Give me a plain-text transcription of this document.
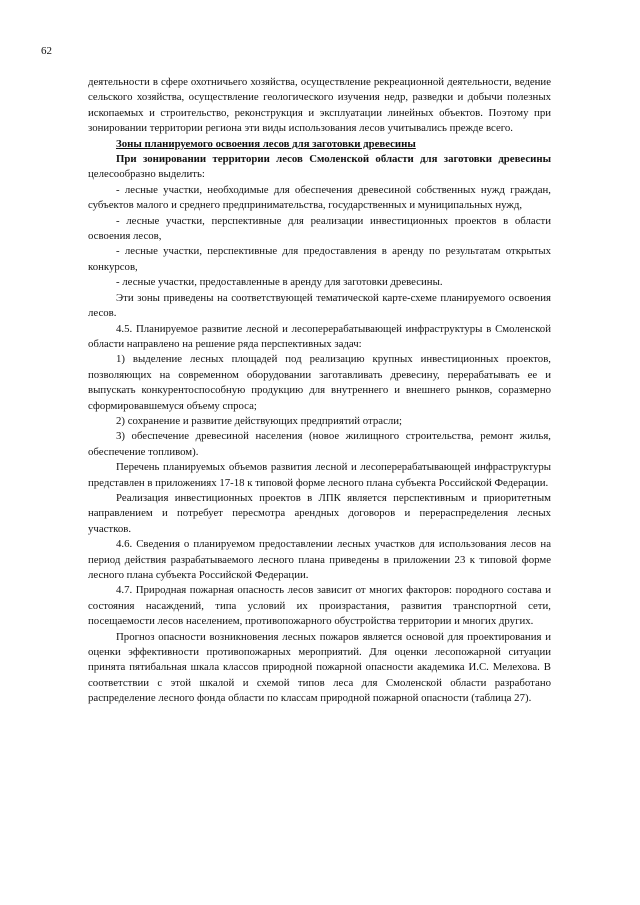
62

деятельности в сфере охотничьего хозяйства, осуществление рекреационной деятельности, ведение сельского хозяйства, осуществление геологического изучения недр, разведки и добычи полезных ископаемых и строительство, реконструкция и эксплуатации линейных объектов. Поэтому при зонировании территории региона эти виды использования лесов учитывались прежде всего.

Зоны планируемого освоения лесов для заготовки древесины

При зонировании территории лесов Смоленской области для заготовки древесины целесообразно выделить:

- лесные участки, необходимые для обеспечения древесиной собственных нужд граждан, субъектов малого и среднего предпринимательства, государственных и муниципальных нужд,

- лесные участки, перспективные для реализации инвестиционных проектов в области освоения лесов,

- лесные участки, перспективные для предоставления в аренду по результатам открытых конкурсов,

- лесные участки, предоставленные в аренду для заготовки древесины.

Эти зоны приведены на соответствующей тематической карте-схеме планируемого освоения лесов.

4.5. Планируемое развитие лесной и лесоперерабатывающей инфраструктуры в Смоленской области направлено на решение ряда перспективных задач:

1) выделение лесных площадей под реализацию крупных инвестиционных проектов, позволяющих на современном оборудовании заготавливать древесину, перерабатывать ее и выпускать конкурентоспособную продукцию для внутреннего и внешнего рынков, соразмерно сформировавшемуся объему спроса;

2) сохранение и развитие действующих предприятий отрасли;

3) обеспечение древесиной населения (новое жилищного строительства, ремонт жилья, обеспечение топливом).

Перечень планируемых объемов развития лесной и лесоперерабатывающей инфраструктуры представлен в приложениях 17-18 к типовой форме лесного плана субъекта Российской Федерации.

Реализация инвестиционных проектов в ЛПК является перспективным и приоритетным направлением и потребует пересмотра арендных договоров и перераспределения лесных участков.

4.6. Сведения о планируемом предоставлении лесных участков для использования лесов на период действия разрабатываемого лесного плана приведены в приложении 23 к типовой форме лесного плана субъекта Российской Федерации.

4.7. Природная пожарная опасность лесов зависит от многих факторов: породного состава и состояния насаждений, типа условий их произрастания, развития транспортной сети, посещаемости лесов населением, противопожарного обустройства территории и многих других.

Прогноз опасности возникновения лесных пожаров является основой для проектирования и оценки эффективности противопожарных мероприятий. Для оценки лесопожарной ситуации принята пятибальная шкала классов природной пожарной опасности академика И.С. Мелехова. В соответствии с этой шкалой и схемой типов леса для Смоленской области разработано распределение лесного фонда области по классам природной пожарной опасности (таблица 27).
